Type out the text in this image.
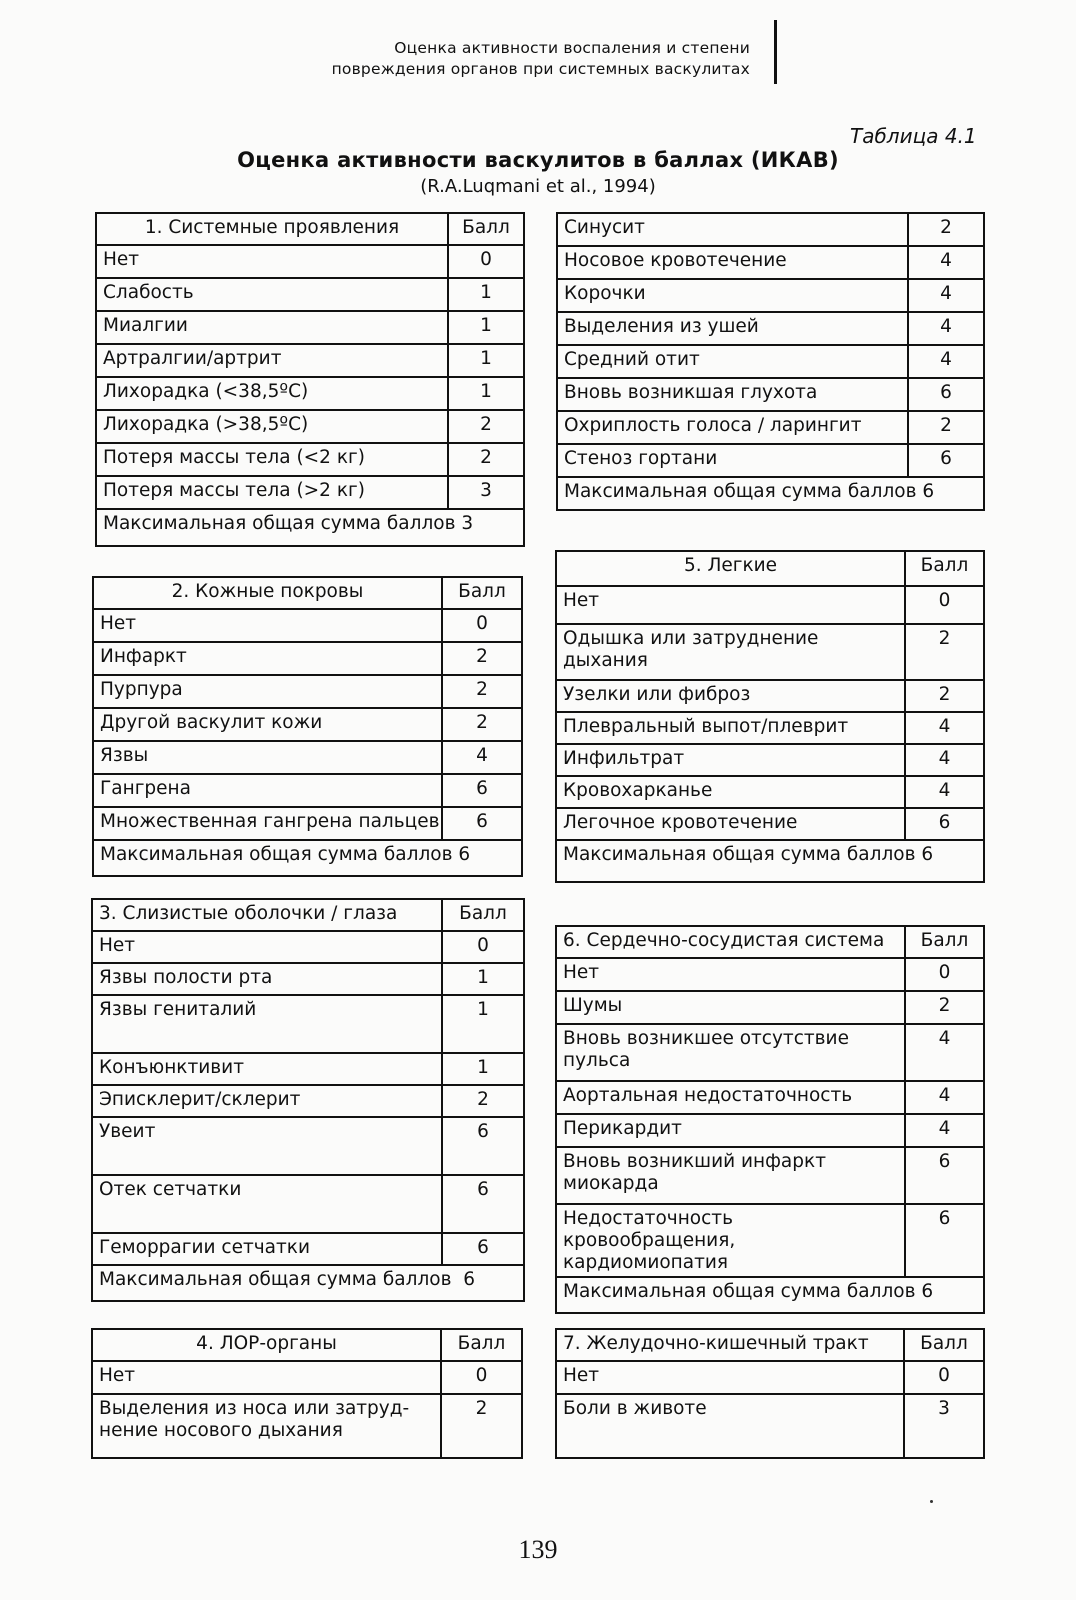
Оценка активности воспаления и степени
повреждения органов при системных васкулитах
Таблица 4.1
Оценка активности васкулитов в баллах (ИКАВ)
(R.A.Luqmani et al., 1994)
1. Системные проявления	Балл
Нет	0
Слабость	1
Миалгии	1
Артралгии/артрит	1
Лихорадка (<38,5ºС)	1
Лихорадка (>38,5ºС)	2
Потеря массы тела (<2 кг)	2
Потеря массы тела (>2 кг)	3
Максимальная общая сумма баллов 3	
2. Кожные покровы	Балл
Нет	0
Инфаркт	2
Пурпура	2
Другой васкулит кожи	2
Язвы	4
Гангрена	6
Множественная гангрена пальцев	6
Максимальная общая сумма баллов 6	
3. Слизистые оболочки / глаза	Балл
Нет	0
Язвы полости рта	1
Язвы гениталий	1
Конъюнктивит	1
Эписклерит/склерит	2
Увеит	6
Отек сетчатки	6
Геморрагии сетчатки	6
Максимальная общая сумма баллов 6	
4. ЛОР-органы	Балл
Нет	0
Выделения из носа или затруд- нение носового дыхания	2
Синусит	2
Носовое кровотечение	4
Корочки	4
Выделения из ушей	4
Средний отит	4
Вновь возникшая глухота	6
Охриплость голоса / ларингит	2
Стеноз гортани	6
Максимальная общая сумма баллов 6	
5. Легкие	Балл
Нет	0
Одышка или затруднение дыхания	2
Узелки или фиброз	2
Плевральный выпот/плеврит	4
Инфильтрат	4
Кровохарканье	4
Легочное кровотечение	6
Максимальная общая сумма баллов 6	
6. Сердечно-сосудистая система	Балл
Нет	0
Шумы	2
Вновь возникшее отсутствие пульса	4
Аортальная недостаточность	4
Перикардит	4
Вновь возникший инфаркт миокарда	6
Недостаточность кровообращения, кардиомиопатия	6
Максимальная общая сумма баллов 6	
7. Желудочно-кишечный тракт	Балл
Нет	0
Боли в животе	3
139
